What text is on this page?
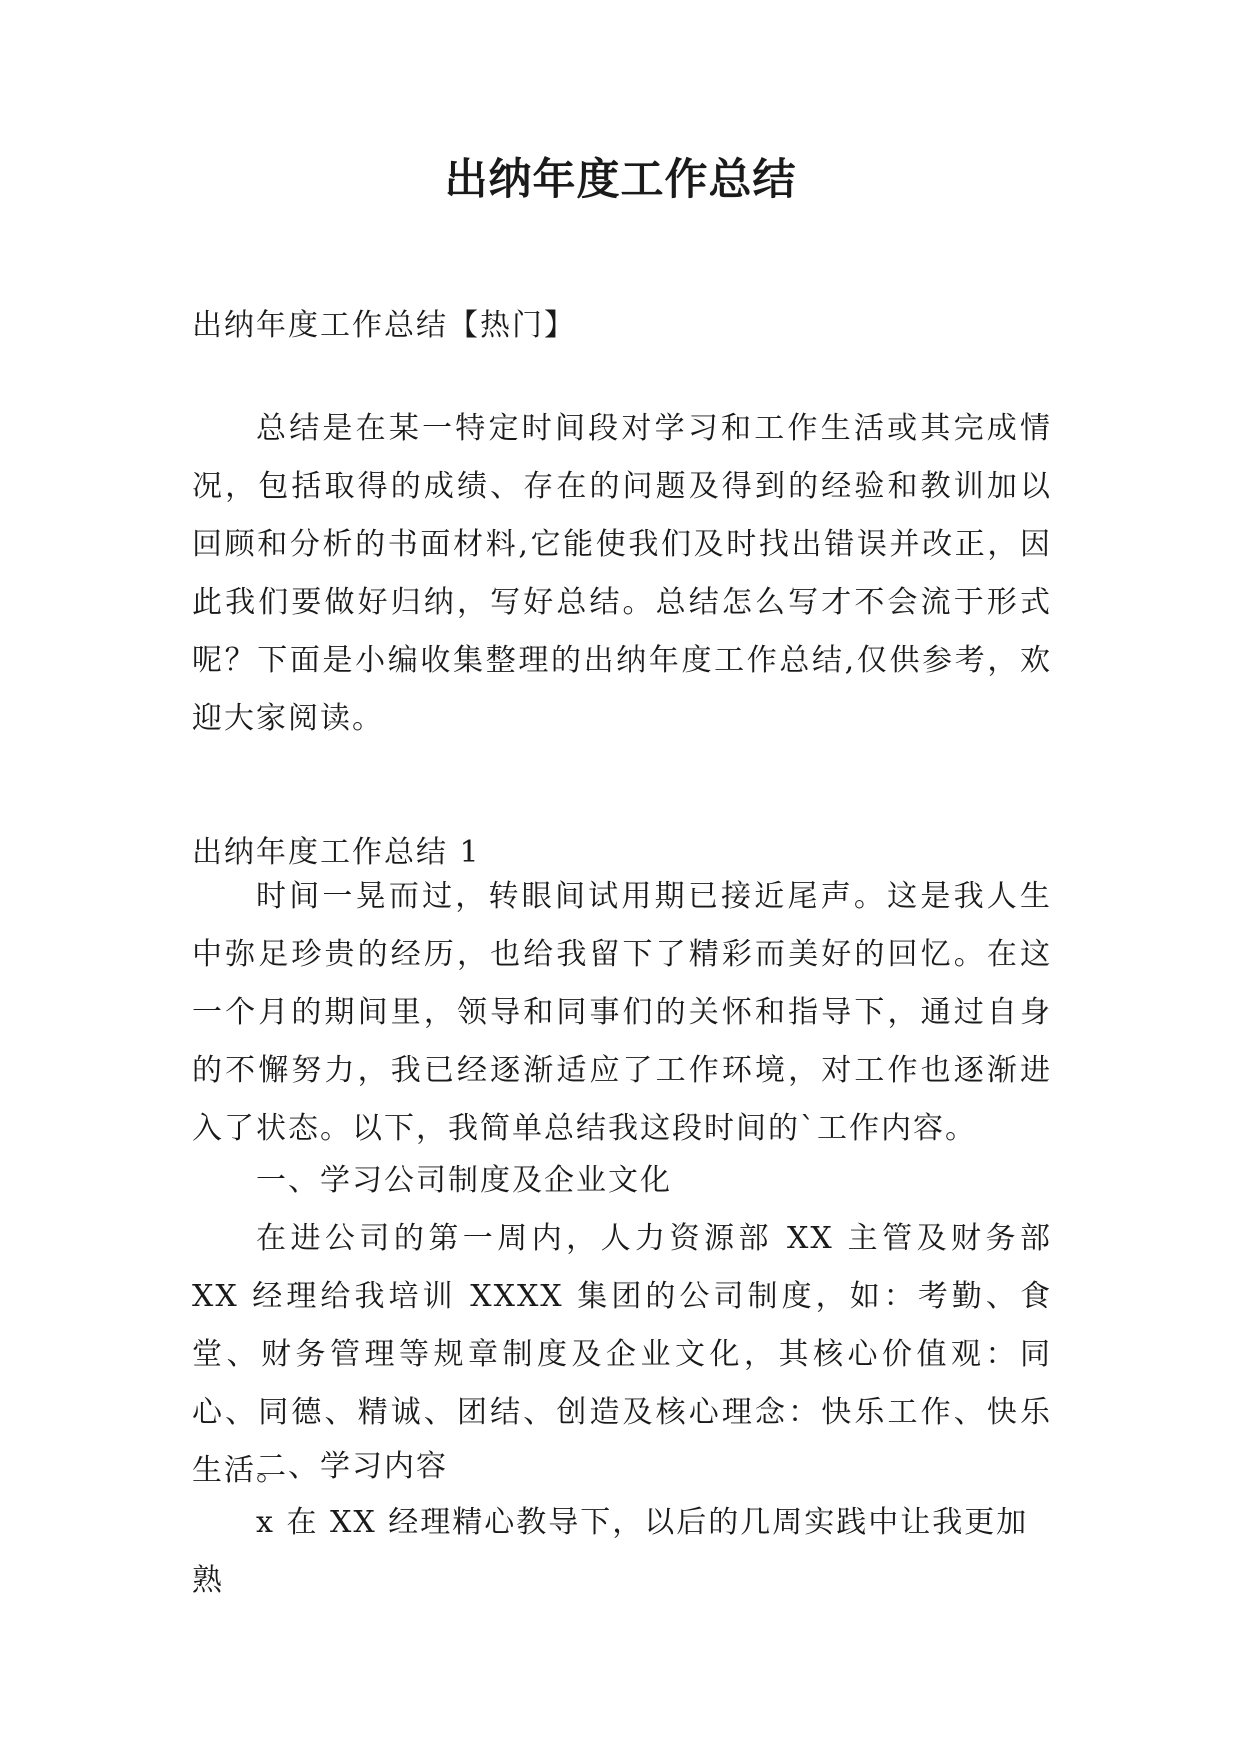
出纳年度工作总结

出纳年度工作总结【热门】

总结是在某一特定时间段对学习和工作生活或其完成情况，包括取得的成绩、存在的问题及得到的经验和教训加以回顾和分析的书面材料,它能使我们及时找出错误并改正，因此我们要做好归纳，写好总结。总结怎么写才不会流于形式呢？下面是小编收集整理的出纳年度工作总结,仅供参考，欢迎大家阅读。

出纳年度工作总结 1

时间一晃而过，转眼间试用期已接近尾声。这是我人生中弥足珍贵的经历，也给我留下了精彩而美好的回忆。在这一个月的期间里，领导和同事们的关怀和指导下，通过自身的不懈努力，我已经逐渐适应了工作环境，对工作也逐渐进入了状态。以下，我简单总结我这段时间的`工作内容。

一、学习公司制度及企业文化

在进公司的第一周内，人力资源部 XX 主管及财务部 XX 经理给我培训 XXXX 集团的公司制度，如：考勤、食堂、财务管理等规章制度及企业文化，其核心价值观：同心、同德、精诚、团结、创造及核心理念：快乐工作、快乐生活。

二、学习内容

x 在 XX 经理精心教导下，以后的几周实践中让我更加熟
